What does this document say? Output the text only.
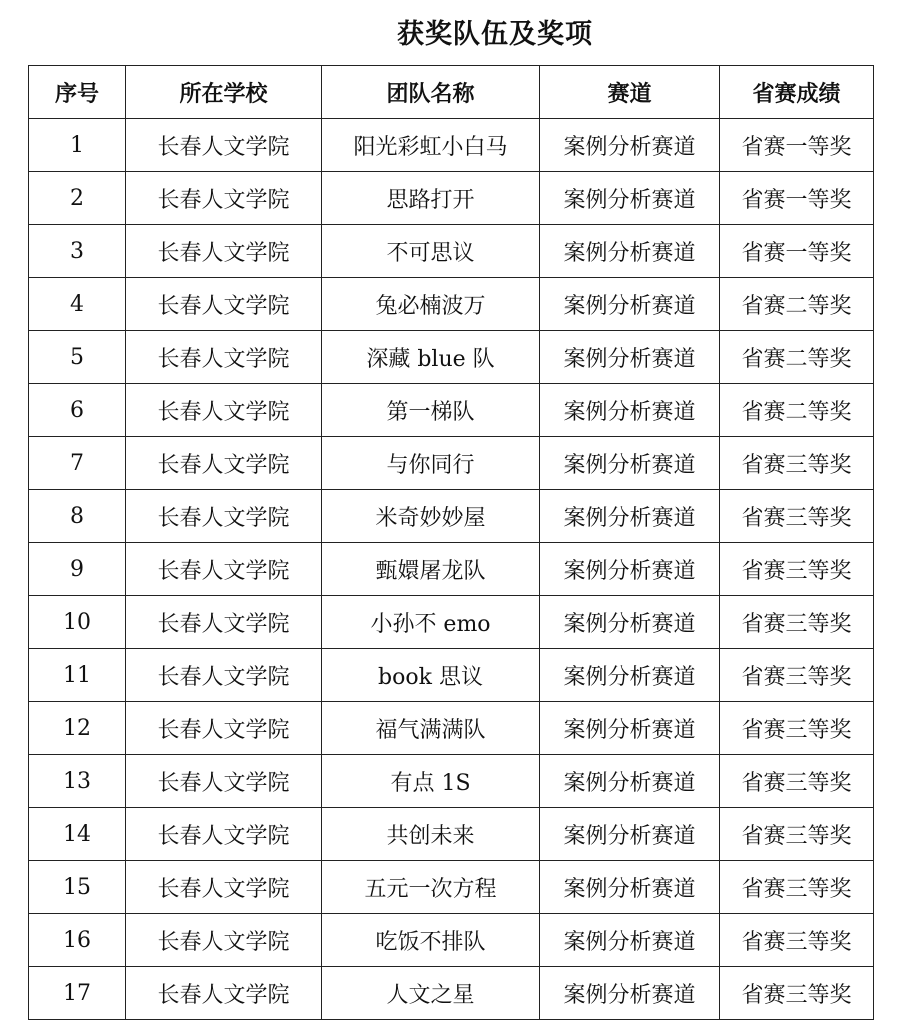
获奖队伍及奖项
序号	所在学校	团队名称	赛道	省赛成绩
1	长春人文学院	阳光彩虹小白马	案例分析赛道	省赛一等奖
2	长春人文学院	思路打开	案例分析赛道	省赛一等奖
3	长春人文学院	不可思议	案例分析赛道	省赛一等奖
4	长春人文学院	兔必楠波万	案例分析赛道	省赛二等奖
5	长春人文学院	深藏 blue 队	案例分析赛道	省赛二等奖
6	长春人文学院	第一梯队	案例分析赛道	省赛二等奖
7	长春人文学院	与你同行	案例分析赛道	省赛三等奖
8	长春人文学院	米奇妙妙屋	案例分析赛道	省赛三等奖
9	长春人文学院	甄嬛屠龙队	案例分析赛道	省赛三等奖
10	长春人文学院	小孙不 emo	案例分析赛道	省赛三等奖
11	长春人文学院	book 思议	案例分析赛道	省赛三等奖
12	长春人文学院	福气满满队	案例分析赛道	省赛三等奖
13	长春人文学院	有点 1S	案例分析赛道	省赛三等奖
14	长春人文学院	共创未来	案例分析赛道	省赛三等奖
15	长春人文学院	五元一次方程	案例分析赛道	省赛三等奖
16	长春人文学院	吃饭不排队	案例分析赛道	省赛三等奖
17	长春人文学院	人文之星	案例分析赛道	省赛三等奖
